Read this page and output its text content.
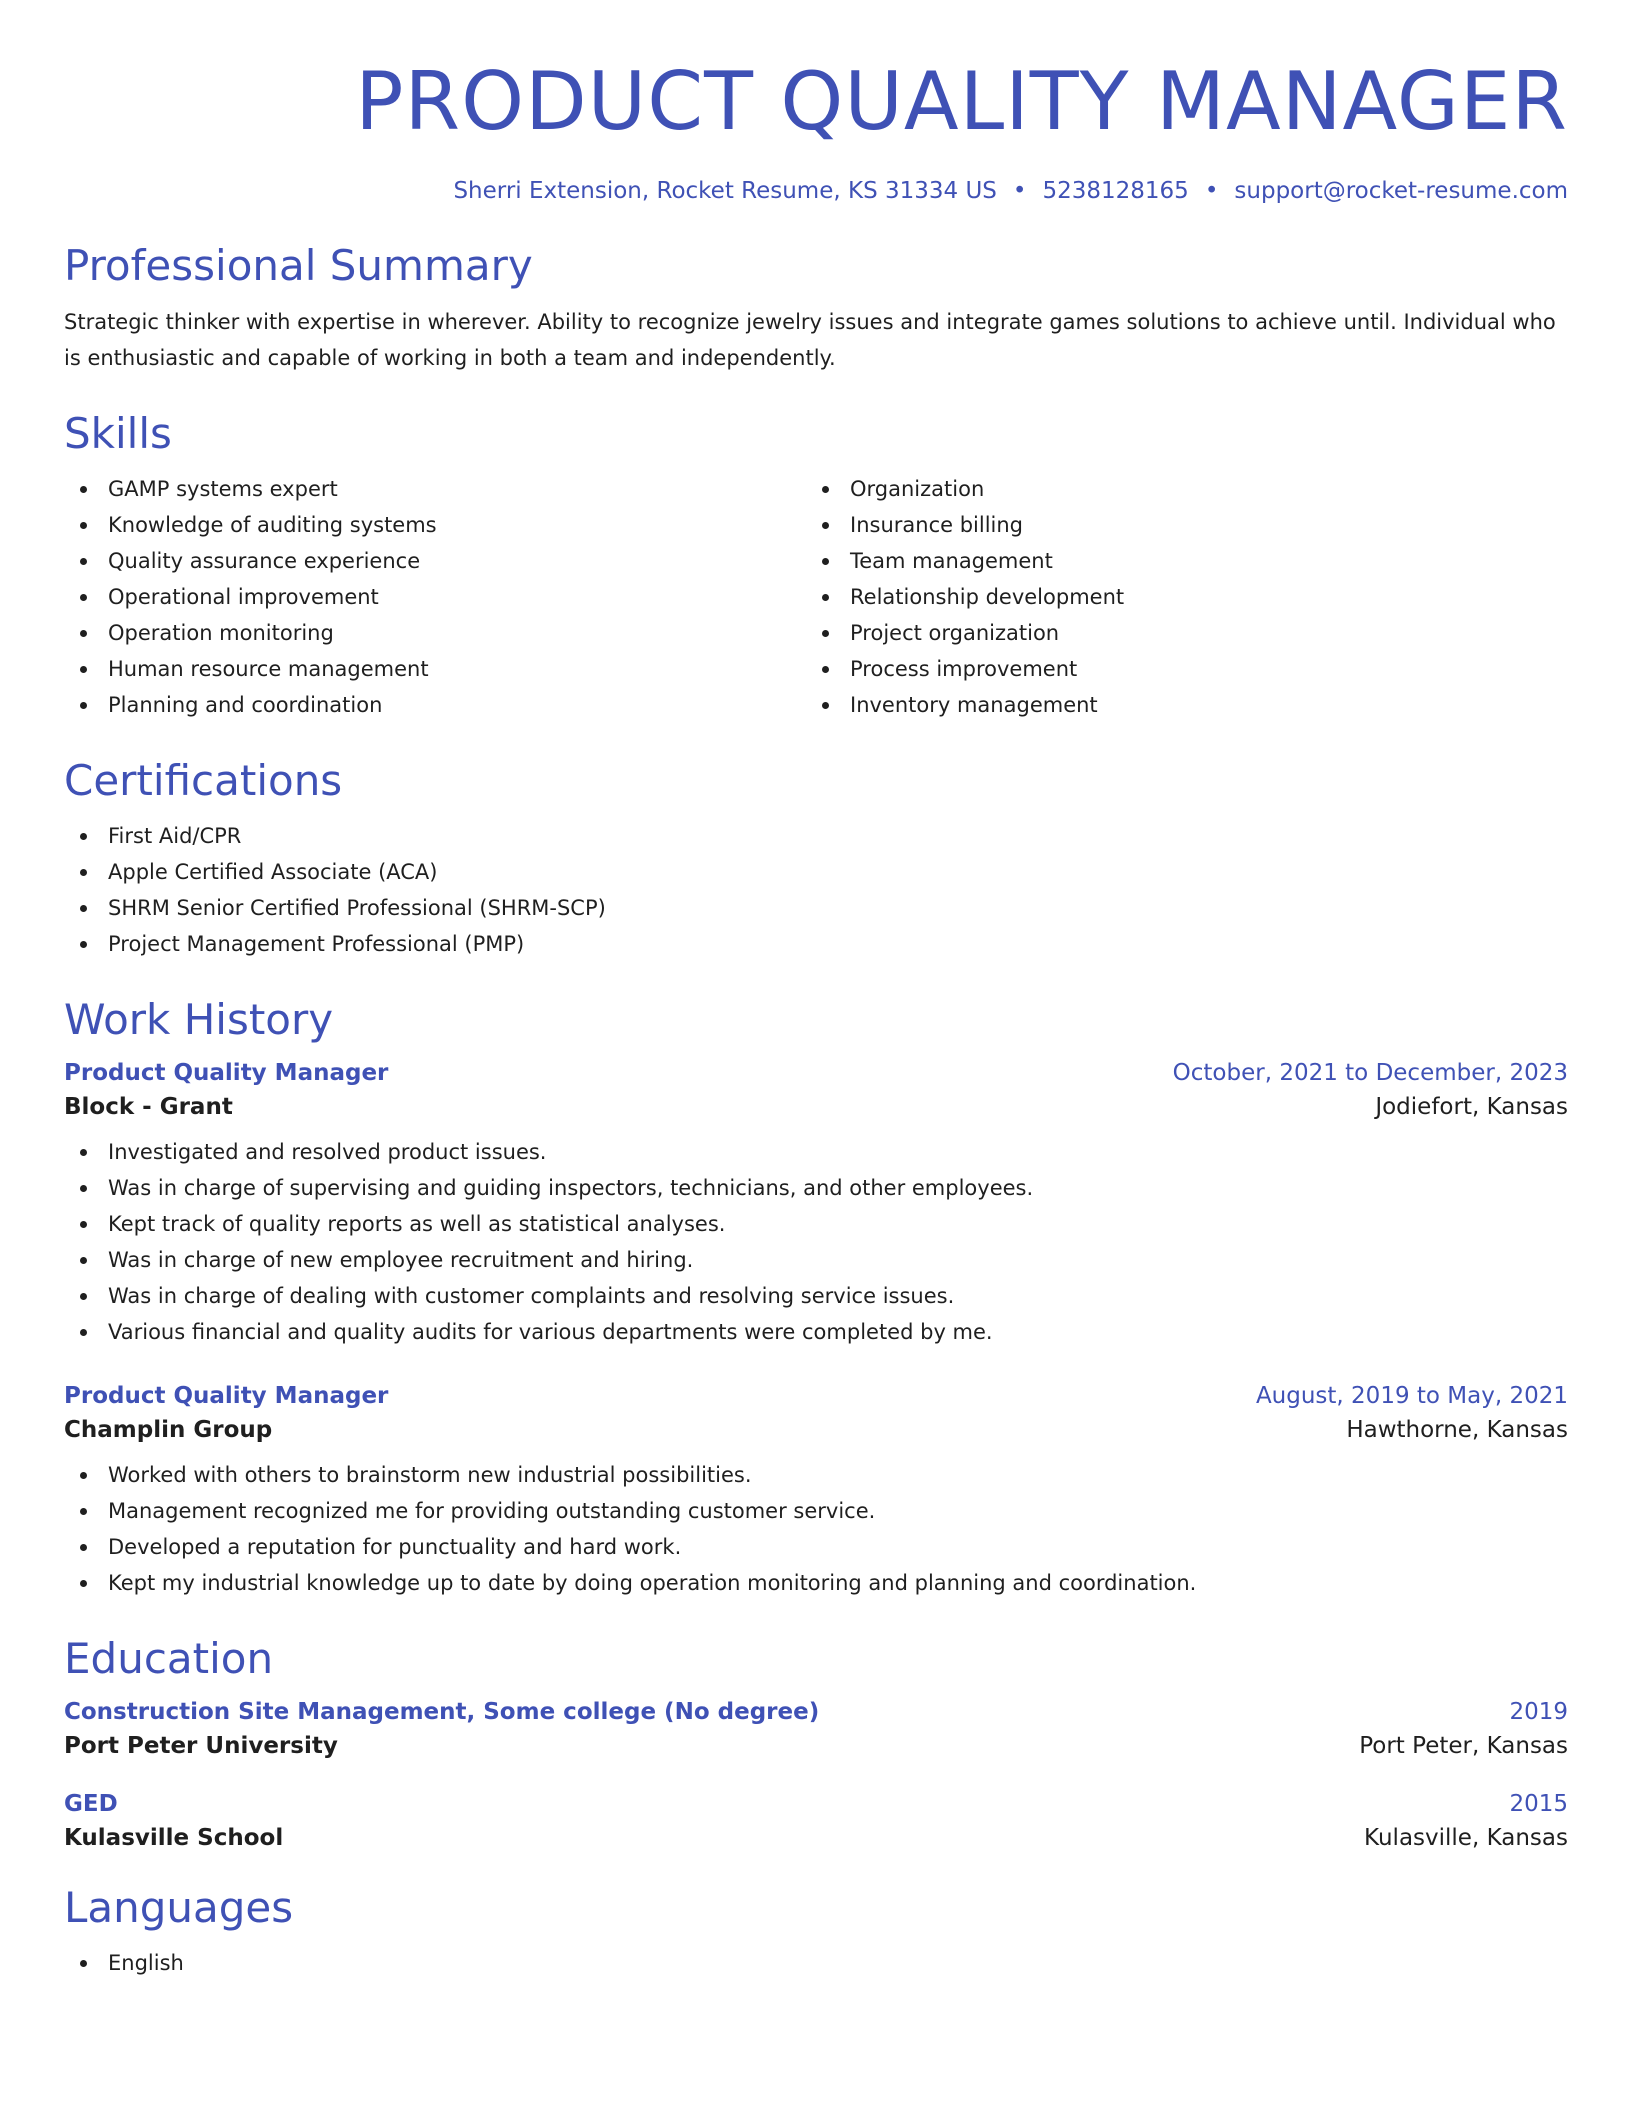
PRODUCT QUALITY MANAGER
Sherri Extension, Rocket Resume, KS 31334 US • 5238128165 • support@rocket-resume.com
Professional Summary

Strategic thinker with expertise in wherever. Ability to recognize jewelry issues and integrate games solutions to achieve until. Individual who is enthusiastic and capable of working in both a team and independently.

Skills
GAMP systems expert
Knowledge of auditing systems
Quality assurance experience
Operational improvement
Operation monitoring
Human resource management
Planning and coordination
Organization
Insurance billing
Team management
Relationship development
Project organization
Process improvement
Inventory management
Certifications
First Aid/CPR
Apple Certified Associate (ACA)
SHRM Senior Certified Professional (SHRM-SCP)
Project Management Professional (PMP)
Work History
Product Quality Manager	October, 2021 to December, 2023
Block - Grant	Jodiefort, Kansas
Investigated and resolved product issues.
Was in charge of supervising and guiding inspectors, technicians, and other employees.
Kept track of quality reports as well as statistical analyses.
Was in charge of new employee recruitment and hiring.
Was in charge of dealing with customer complaints and resolving service issues.
Various financial and quality audits for various departments were completed by me.
Product Quality Manager	August, 2019 to May, 2021
Champlin Group	Hawthorne, Kansas
Worked with others to brainstorm new industrial possibilities.
Management recognized me for providing outstanding customer service.
Developed a reputation for punctuality and hard work.
Kept my industrial knowledge up to date by doing operation monitoring and planning and coordination.
Education
Construction Site Management, Some college (No degree)	2019
Port Peter University	Port Peter, Kansas
GED	2015
Kulasville School	Kulasville, Kansas
Languages
English
